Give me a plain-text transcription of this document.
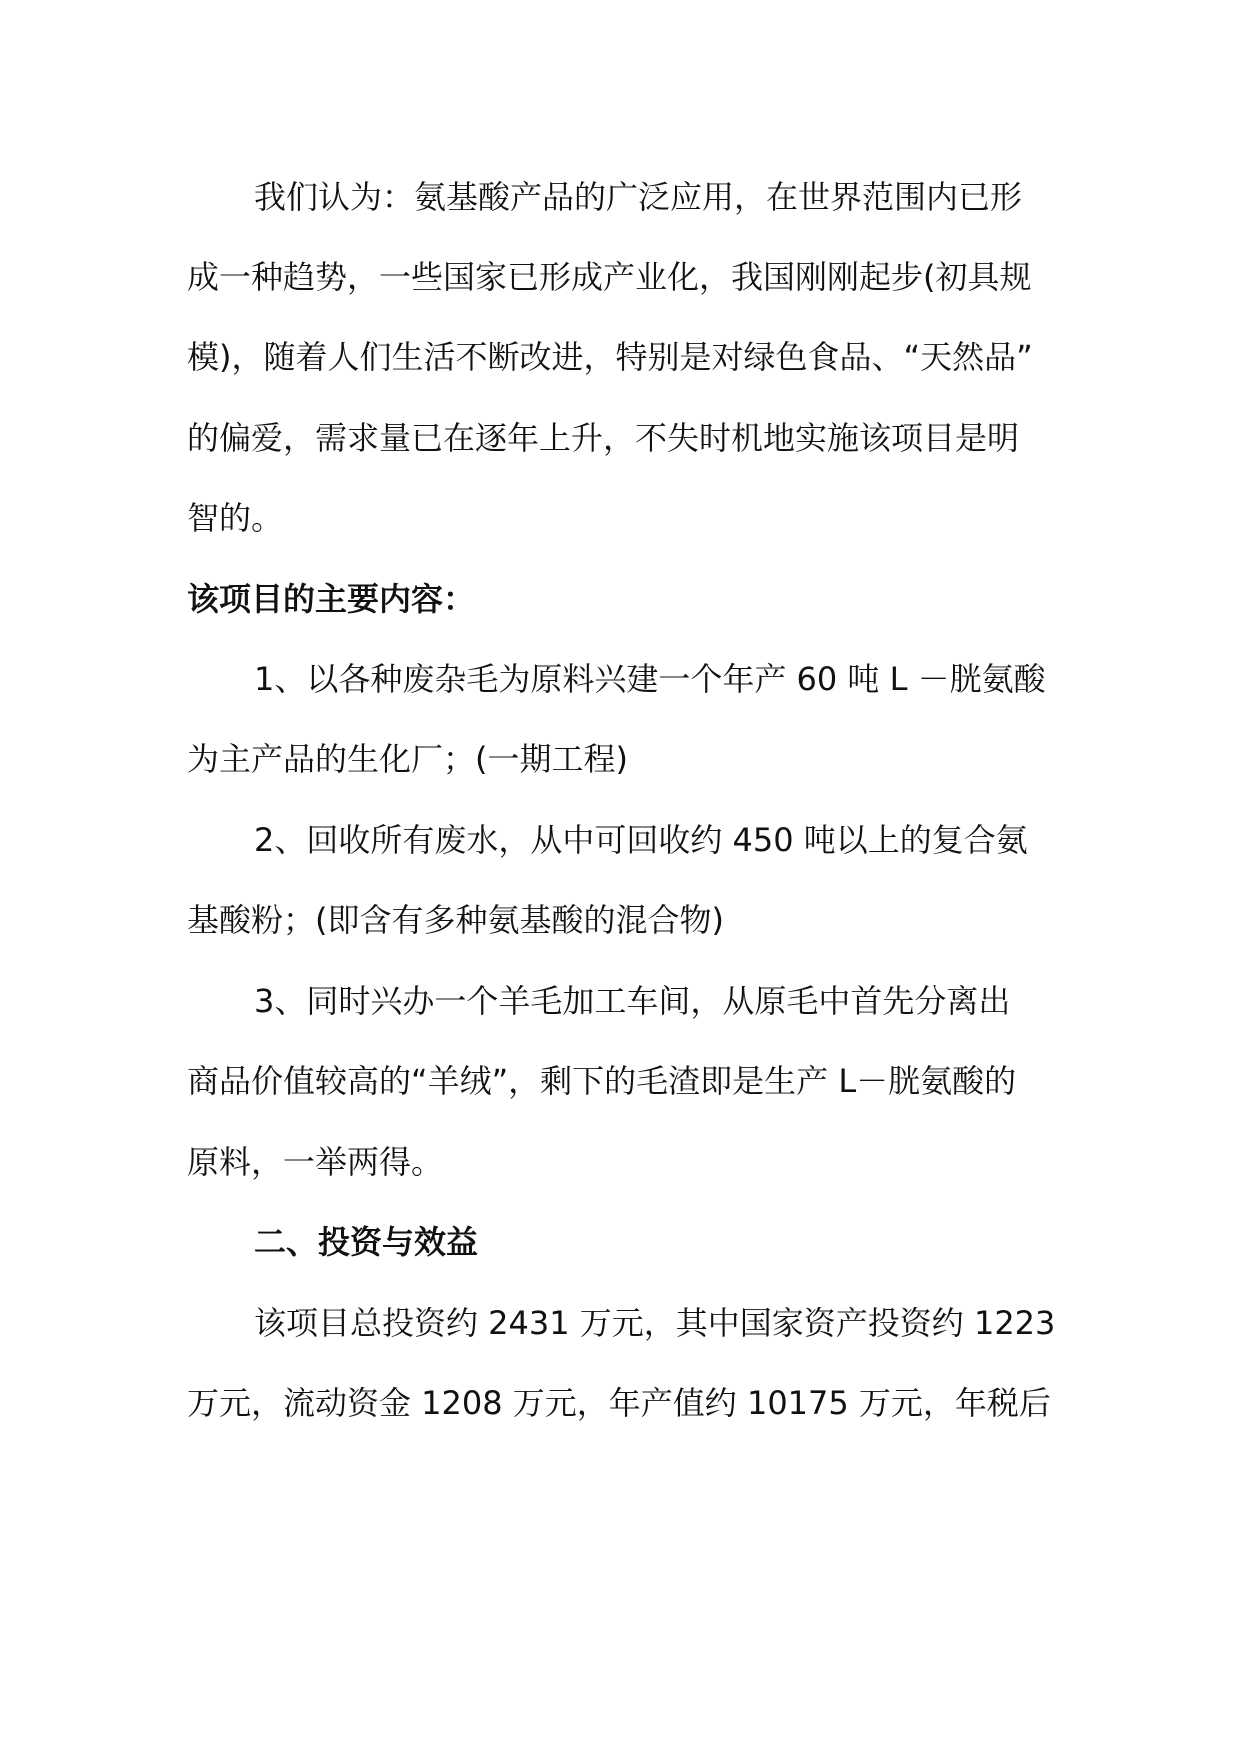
我们认为：氨基酸产品的广泛应用，在世界范围内已形
成一种趋势，一些国家已形成产业化，我国刚刚起步(初具规
模)，随着人们生活不断改进，特别是对绿色食品、“天然品”
的偏爱，需求量已在逐年上升，不失时机地实施该项目是明
智的。
该项目的主要内容：
1、以各种废杂毛为原料兴建一个年产 60 吨 L －胱氨酸
为主产品的生化厂；(一期工程)
2、回收所有废水，从中可回收约 450 吨以上的复合氨
基酸粉；(即含有多种氨基酸的混合物)
3、同时兴办一个羊毛加工车间，从原毛中首先分离出
商品价值较高的“羊绒”，剩下的毛渣即是生产 L－胱氨酸的
原料，一举两得。
二、投资与效益
该项目总投资约 2431 万元，其中国家资产投资约 1223
万元，流动资金 1208 万元，年产值约 10175 万元，年税后
